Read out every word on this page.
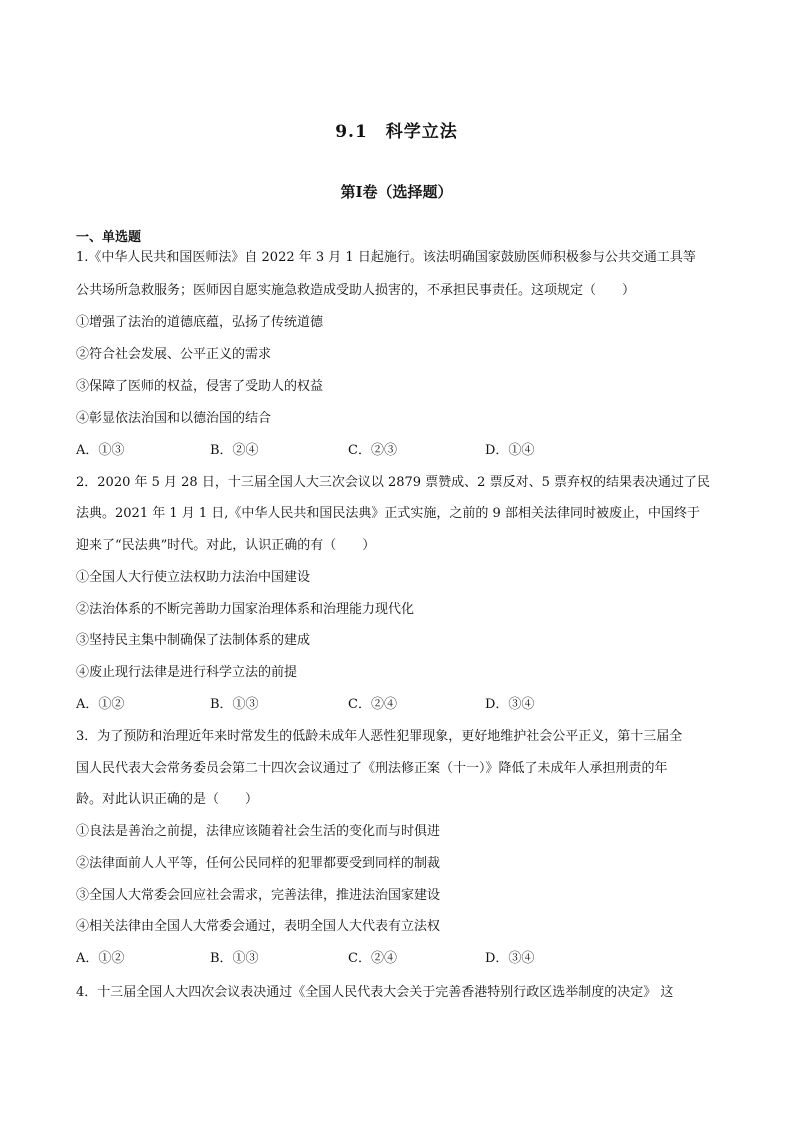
9.1　科学立法
第I卷（选择题）
一、单选题
1.《中华人民共和国医师法》自 2022 年 3 月 1 日起施行。该法明确国家鼓励医师积极参与公共交通工具等
公共场所急救服务；医师因自愿实施急救造成受助人损害的，不承担民事责任。这项规定（　　）
①增强了法治的道德底蕴，弘扬了传统道德
②符合社会发展、公平正义的需求
③保障了医师的权益，侵害了受助人的权益
④彰显依法治国和以德治国的结合
A．①③	B．②④	C．②③	D．①④
2．2020 年 5 月 28 日，十三届全国人大三次会议以 2879 票赞成、2 票反对、5 票弃权的结果表决通过了民
法典。2021 年 1 月 1 日,《中华人民共和国民法典》正式实施，之前的 9 部相关法律同时被废止，中国终于
迎来了“民法典”时代。对此，认识正确的有（　　）
①全国人大行使立法权助力法治中国建设
②法治体系的不断完善助力国家治理体系和治理能力现代化
③坚持民主集中制确保了法制体系的建成
④废止现行法律是进行科学立法的前提
A．①②	B．①③	C．②④	D．③④
3．为了预防和治理近年来时常发生的低龄未成年人恶性犯罪现象，更好地维护社会公平正义，第十三届全
国人民代表大会常务委员会第二十四次会议通过了《刑法修正案（十一）》降低了未成年人承担刑责的年
龄。对此认识正确的是（　　）
①良法是善治之前提，法律应该随着社会生活的变化而与时俱进
②法律面前人人平等，任何公民同样的犯罪都要受到同样的制裁
③全国人大常委会回应社会需求，完善法律，推进法治国家建设
④相关法律由全国人大常委会通过，表明全国人大代表有立法权
A．①②	B．①③	C．②④	D．③④
4．十三届全国人大四次会议表决通过《全国人民代表大会关于完善香港特别行政区选举制度的决定》 这
